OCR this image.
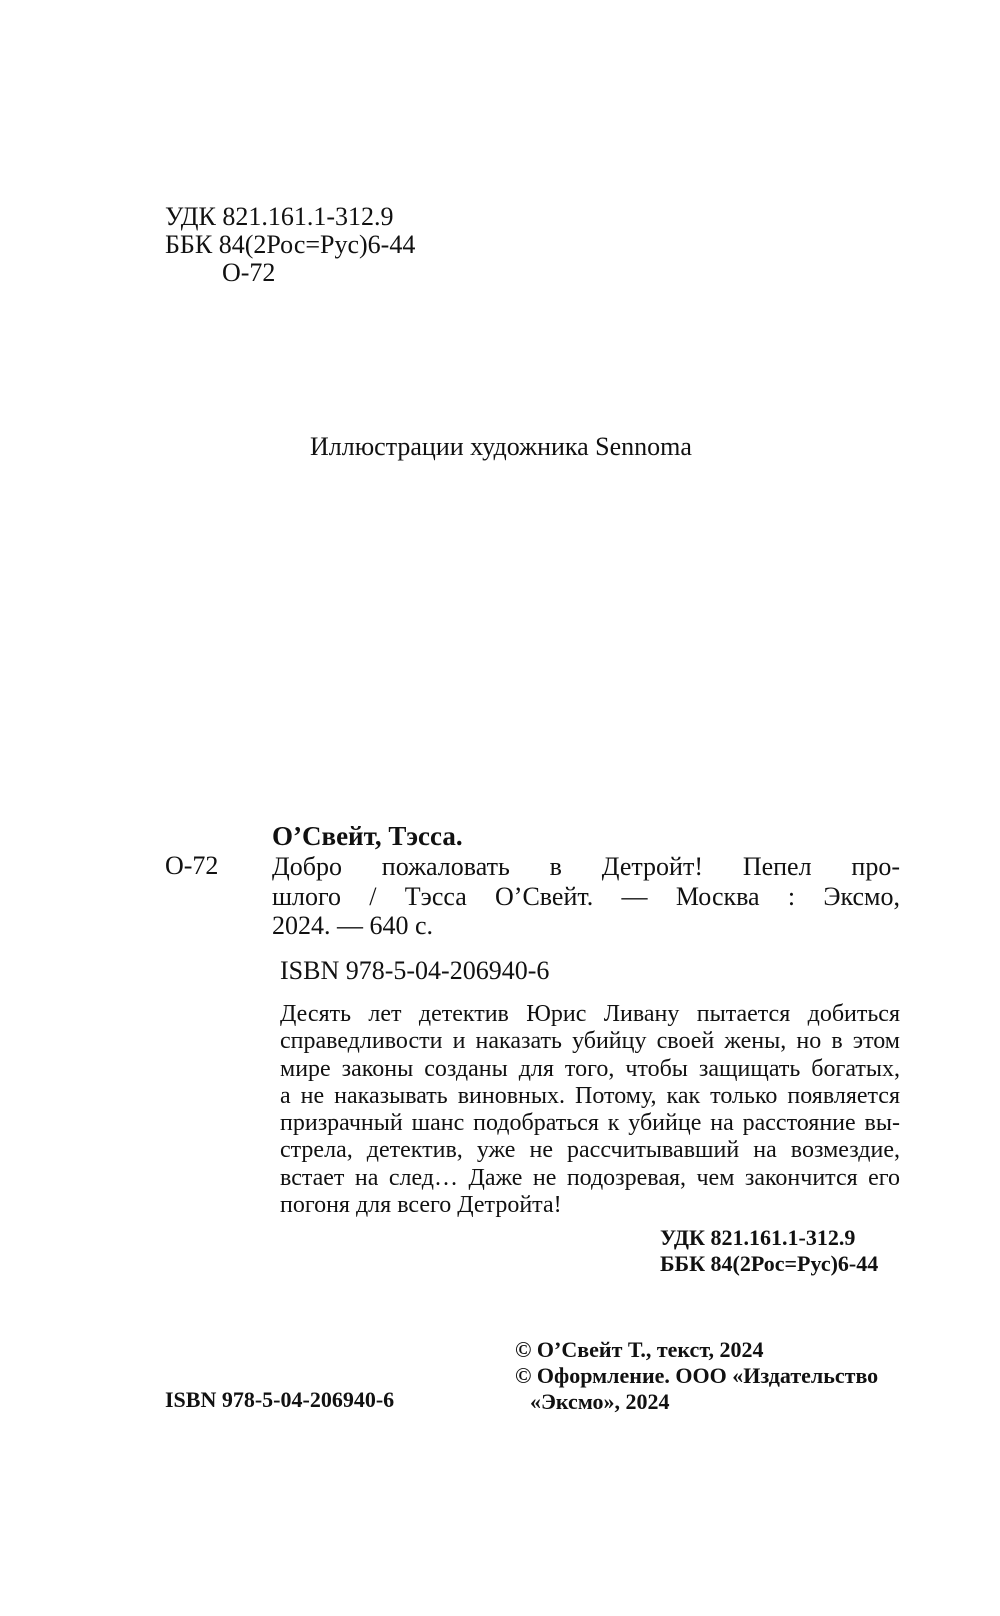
УДК 821.161.1-312.9
ББК 84(2Рос=Рус)6-44
О-72
Иллюстрации художника Sennoma
О’Свейт, Тэсса.
О-72 Добро пожаловать в Детройт! Пепел про-
шлого / Тэсса О’Свейт. — Москва : Эксмо,
2024. — 640 с.
ISBN 978-5-04-206940-6
Десять лет детектив Юрис Ливану пытается добиться
справедливости и наказать убийцу своей жены, но в этом
мире законы созданы для того, чтобы защищать богатых,
а не наказывать виновных. Потому, как только появляется
призрачный шанс подобраться к убийце на расстояние вы-
стрела, детектив, уже не рассчитывавший на возмездие,
встает на след… Даже не подозревая, чем закончится его
погоня для всего Детройта!
УДК 821.161.1-312.9
ББК 84(2Рос=Рус)6-44
ISBN 978-5-04-206940-6
© О’Свейт Т., текст, 2024
© Оформление. ООО «Издательство
«Эксмо», 2024
